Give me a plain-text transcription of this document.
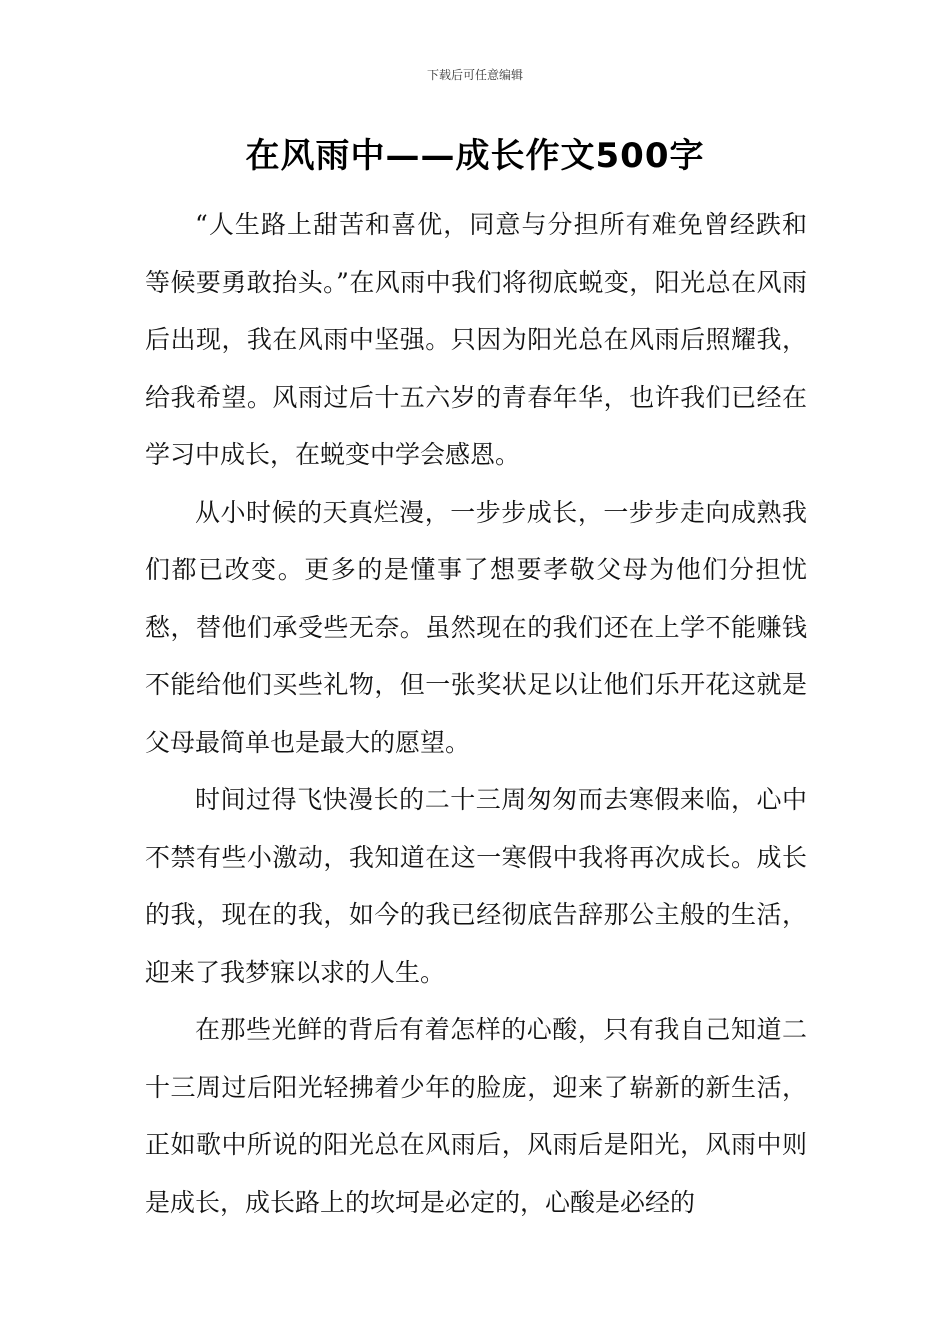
下载后可任意编辑
在风雨中——成长作文500字

“人生路上甜苦和喜优，同意与分担所有难免曾经跌和等候要勇敢抬头。”在风雨中我们将彻底蜕变，阳光总在风雨后出现，我在风雨中坚强。只因为阳光总在风雨后照耀我，给我希望。风雨过后十五六岁的青春年华，也许我们已经在学习中成长，在蜕变中学会感恩。

从小时候的天真烂漫，一步步成长，一步步走向成熟我们都已改变。更多的是懂事了想要孝敬父母为他们分担忧愁，替他们承受些无奈。虽然现在的我们还在上学不能赚钱不能给他们买些礼物，但一张奖状足以让他们乐开花这就是父母最简单也是最大的愿望。

时间过得飞快漫长的二十三周匆匆而去寒假来临，心中不禁有些小激动，我知道在这一寒假中我将再次成长。成长的我，现在的我，如今的我已经彻底告辞那公主般的生活，迎来了我梦寐以求的人生。

在那些光鲜的背后有着怎样的心酸，只有我自己知道二十三周过后阳光轻拂着少年的脸庞，迎来了崭新的新生活，正如歌中所说的阳光总在风雨后，风雨后是阳光，风雨中则是成长，成长路上的坎坷是必定的，心酸是必经的
